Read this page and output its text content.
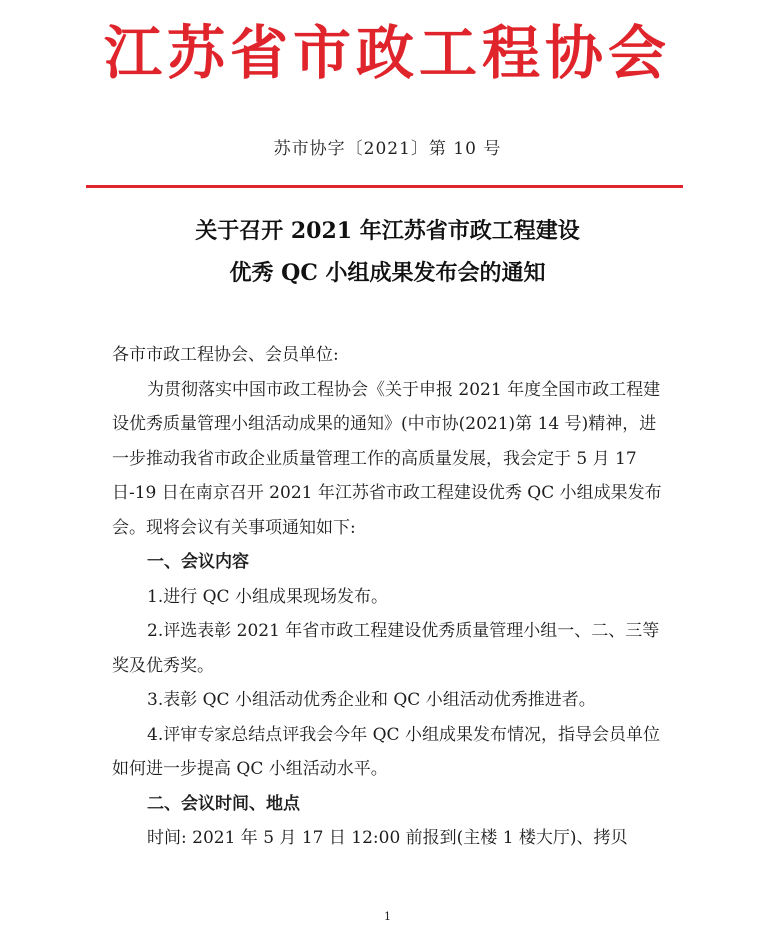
江苏省市政工程协会
苏市协字〔2021〕第 10 号
关于召开 2021 年江苏省市政工程建设
优秀 QC 小组成果发布会的通知

各市市政工程协会、会员单位:

为贯彻落实中国市政工程协会《关于申报 2021 年度全国市政工程建设优秀质量管理小组活动成果的通知》(中市协(2021)第 14 号)精神，进一步推动我省市政企业质量管理工作的高质量发展，我会定于 5 月 17 日-19 日在南京召开 2021 年江苏省市政工程建设优秀 QC 小组成果发布会。现将会议有关事项通知如下:

一、会议内容

1.进行 QC 小组成果现场发布。

2.评选表彰 2021 年省市政工程建设优秀质量管理小组一、二、三等奖及优秀奖。

3.表彰 QC 小组活动优秀企业和 QC 小组活动优秀推进者。

4.评审专家总结点评我会今年 QC 小组成果发布情况，指导会员单位如何进一步提高 QC 小组活动水平。

二、会议时间、地点

时间: 2021 年 5 月 17 日 12:00 前报到(主楼 1 楼大厅)、拷贝

1
